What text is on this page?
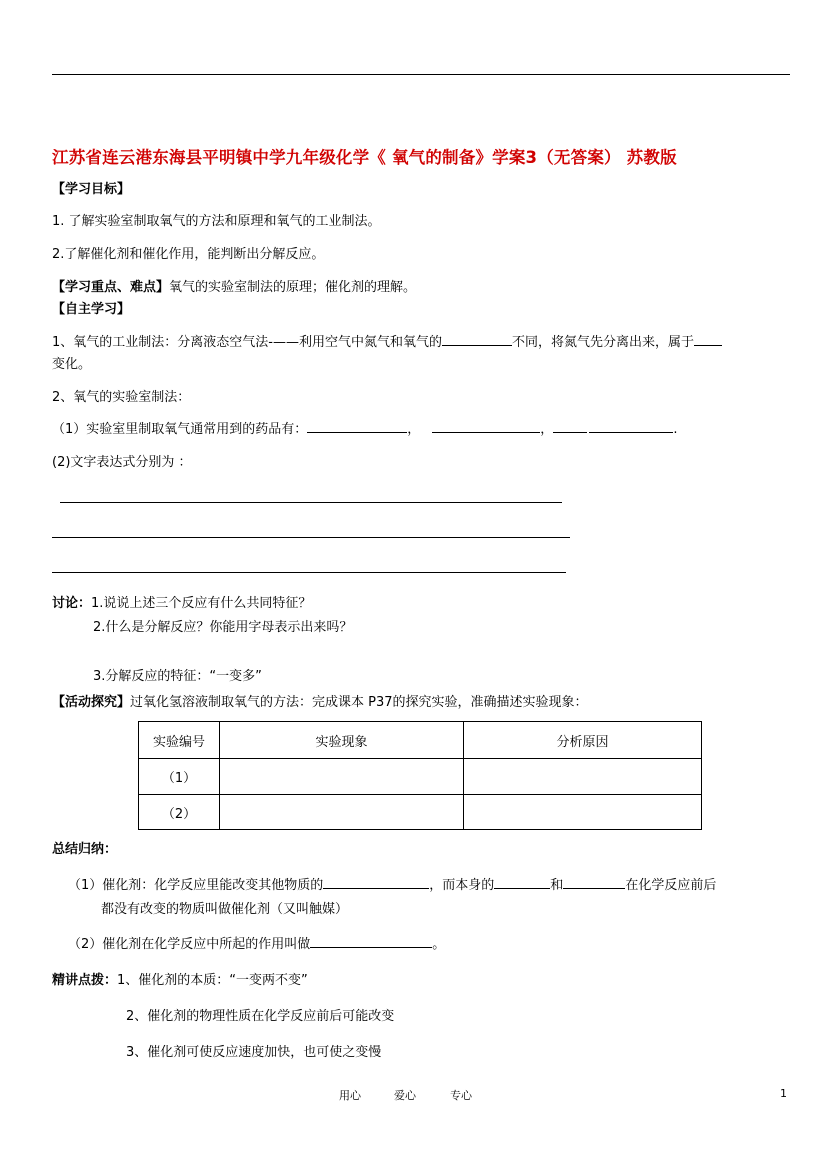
江苏省连云港东海县平明镇中学九年级化学《 氧气的制备》学案3（无答案） 苏教版
【学习目标】
1. 了解实验室制取氧气的方法和原理和氧气的工业制法。
2.了解催化剂和催化作用，能判断出分解反应。
【学习重点、难点】氧气的实验室制法的原理；催化剂的理解。
【自主学习】
1、氧气的工业制法：分离液态空气法-——利用空气中氮气和氧气的	不同，将氮气先分离出来，属于
变化。
2、氧气的实验室制法：
（1）实验室里制取氧气通常用到的药品有：	，	，	.
(2)文字表达式分别为 ：
讨论：1.说说上述三个反应有什么共同特征？
2.什么是分解反应？你能用字母表示出来吗？
3.分解反应的特征：“一变多”
【活动探究】过氧化氢溶液制取氧气的方法：完成课本 P37的探究实验，准确描述实验现象：
实验编号	实验现象	分析原因
（1）		
（2）		
总结归纳：
（1）催化剂：化学反应里能改变其他物质的	，而本身的	和	在化学反应前后
都没有改变的物质叫做催化剂（又叫触媒）
（2）催化剂在化学反应中所起的作用叫做	。
精讲点拨：1、催化剂的本质：“一变两不变”
2、催化剂的物理性质在化学反应前后可能改变
3、催化剂可使反应速度加快，也可使之变慢
用心	爱心	专心	1
